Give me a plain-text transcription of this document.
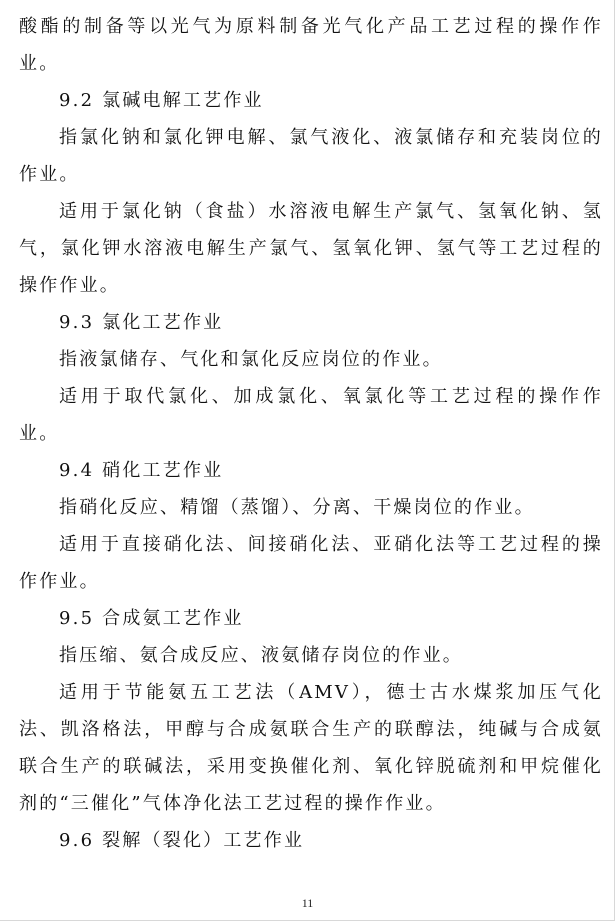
酸酯的制备等以光气为原料制备光气化产品工艺过程的操作作业。

9.2 氯碱电解工艺作业

指氯化钠和氯化钾电解、氯气液化、液氯储存和充装岗位的作业。

适用于氯化钠（食盐）水溶液电解生产氯气、氢氧化钠、氢气，氯化钾水溶液电解生产氯气、氢氧化钾、氢气等工艺过程的操作作业。

9.3 氯化工艺作业

指液氯储存、气化和氯化反应岗位的作业。

适用于取代氯化、加成氯化、氧氯化等工艺过程的操作作业。

9.4 硝化工艺作业

指硝化反应、精馏（蒸馏）、分离、干燥岗位的作业。

适用于直接硝化法、间接硝化法、亚硝化法等工艺过程的操作作业。

9.5 合成氨工艺作业

指压缩、氨合成反应、液氨储存岗位的作业。

适用于节能氨五工艺法（AMV），德士古水煤浆加压气化法、凯洛格法，甲醇与合成氨联合生产的联醇法，纯碱与合成氨联合生产的联碱法，采用变换催化剂、氧化锌脱硫剂和甲烷催化剂的“三催化”气体净化法工艺过程的操作作业。

9.6 裂解（裂化）工艺作业

11
